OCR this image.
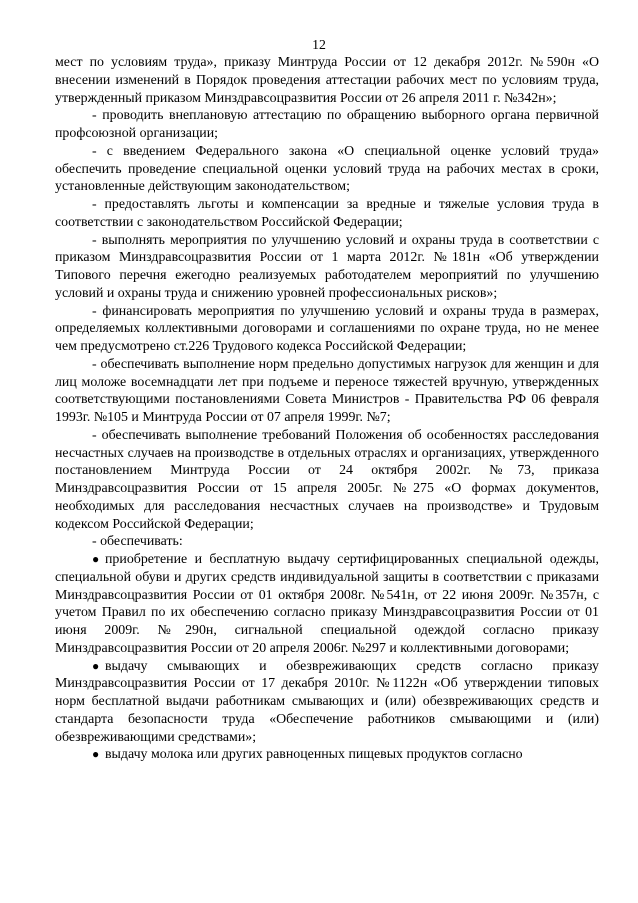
12

мест по условиям труда», приказу Минтруда России от 12 декабря 2012г. №590н «О внесении изменений в Порядок проведения аттестации рабочих мест по условиям труда, утвержденный приказом Минздравсоцразвития России от 26 апреля 2011 г. №342н»;

- проводить внеплановую аттестацию по обращению выборного органа первичной профсоюзной организации;

- с введением Федерального закона «О специальной оценке условий труда» обеспечить проведение специальной оценки условий труда на рабочих местах в сроки, установленные действующим законодательством;

- предоставлять льготы и компенсации за вредные и тяжелые условия труда в соответствии с законодательством Российской Федерации;

- выполнять мероприятия по улучшению условий и охраны труда в соответствии с приказом Минздравсоцразвития России от 1 марта 2012г. №181н «Об утверждении Типового перечня ежегодно реализуемых работодателем мероприятий по улучшению условий и охраны труда и снижению уровней профессиональных рисков»;

- финансировать мероприятия по улучшению условий и охраны труда в размерах, определяемых коллективными договорами и соглашениями по охране труда, но не менее чем предусмотрено ст.226 Трудового кодекса Российской Федерации;

- обеспечивать выполнение норм предельно допустимых нагрузок для женщин и для лиц моложе восемнадцати лет при подъеме и переносе тяжестей вручную, утвержденных соответствующими постановлениями Совета Министров - Правительства РФ 06 февраля 1993г. №105 и Минтруда России от 07 апреля 1999г. №7;

- обеспечивать выполнение требований Положения об особенностях расследования несчастных случаев на производстве в отдельных отраслях и организациях, утвержденного постановлением Минтруда России от 24 октября 2002г. №73, приказа Минздравсоцразвития России от 15 апреля 2005г. №275 «О формах документов, необходимых для расследования несчастных случаев на производстве» и Трудовым кодексом Российской Федерации;

- обеспечивать:

● приобретение и бесплатную выдачу сертифицированных специальной одежды, специальной обуви и других средств индивидуальной защиты в соответствии с приказами Минздравсоцразвития России от 01 октября 2008г. №541н, от 22 июня 2009г. №357н, с учетом Правил по их обеспечению согласно приказу Минздравсоцразвития России от 01 июня 2009г. №290н, сигнальной специальной одеждой согласно приказу Минздравсоцразвития России от 20 апреля 2006г. №297 и коллективными договорами;

● выдачу смывающих и обезвреживающих средств согласно приказу Минздравсоцразвития России от 17 декабря 2010г. №1122н «Об утверждении типовых норм бесплатной выдачи работникам смывающих и (или) обезвреживающих средств и стандарта безопасности труда «Обеспечение работников смывающими и (или) обезвреживающими средствами»;

● выдачу молока или других равноценных пищевых продуктов согласно
